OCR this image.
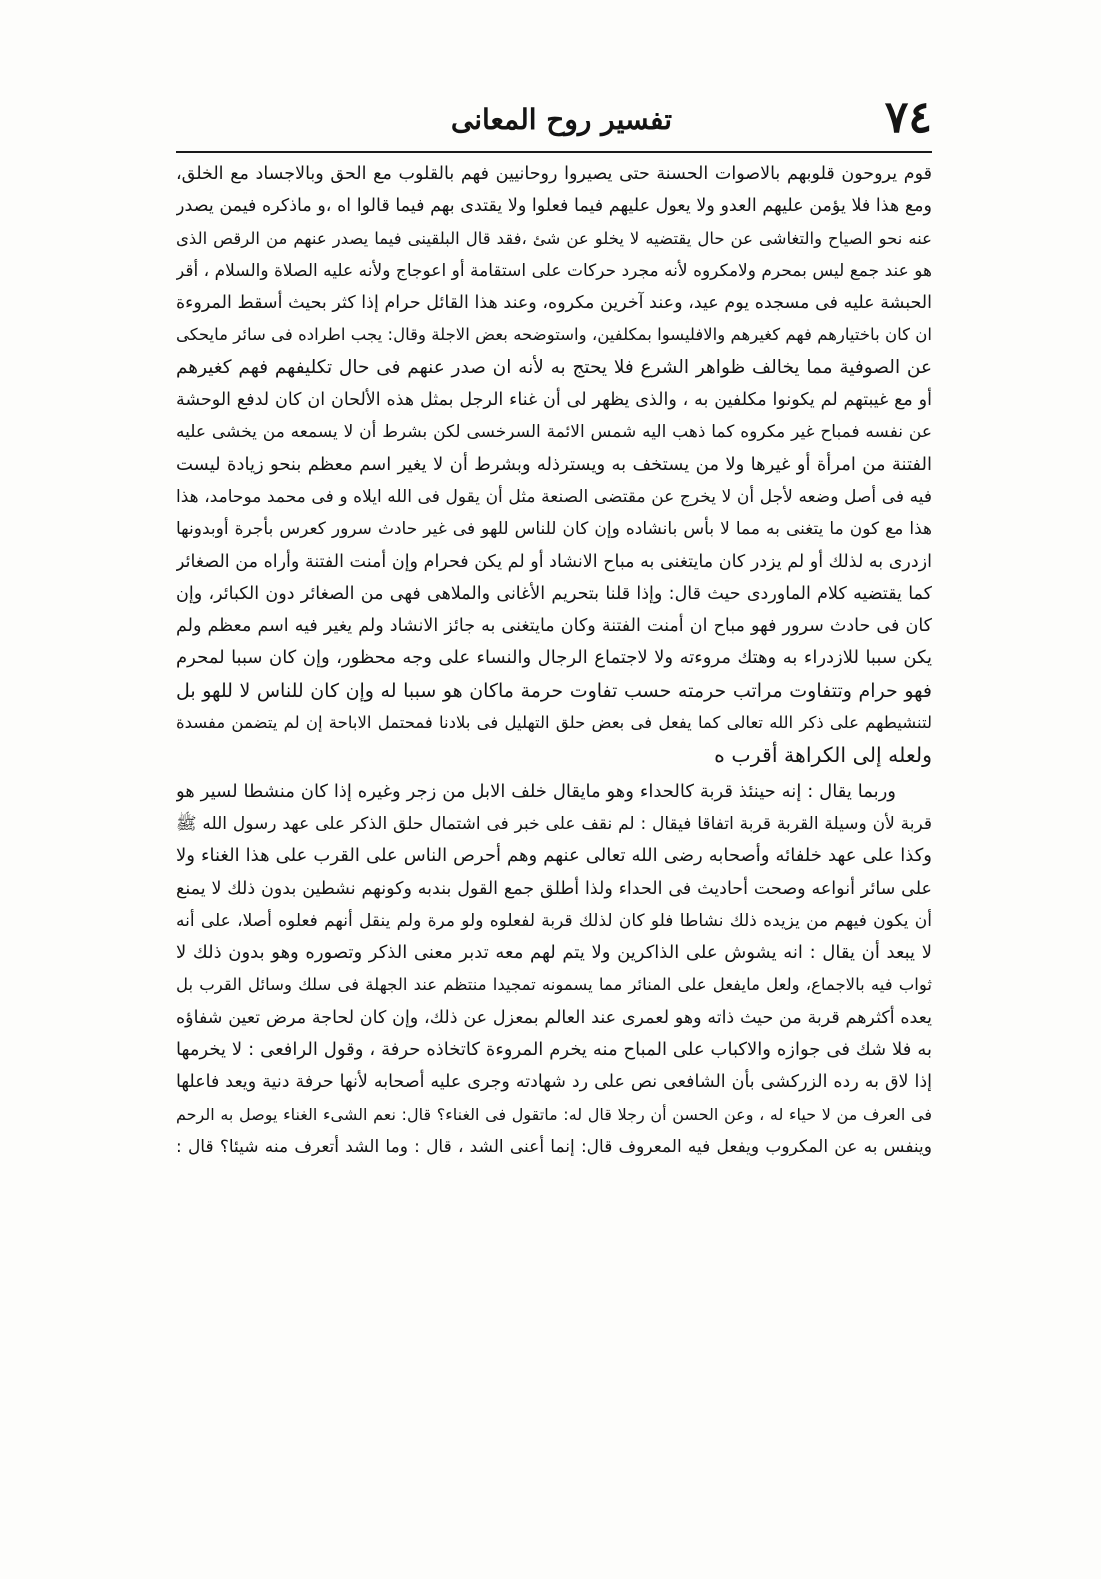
٧٤
تفسير روح المعانى
قوم يروحون قلوبهم بالاصوات الحسنة حتى يصيروا روحانيين فهم بالقلوب مع الحق وبالاجساد مع الخلق،
ومع هذا فلا يؤمن عليهم العدو ولا يعول عليهم فيما فعلوا ولا يقتدى بهم فيما قالوا اه ،و ماذكره فيمن يصدر
عنه نحو الصياح والتغاشى عن حال يقتضيه لا يخلو عن شئ ،فقد قال البلقينى فيما يصدر عنهم من الرقص الذى
هو عند جمع ليس بمحرم ولامكروه لأنه مجرد حركات على استقامة أو اعوجاج ولأنه عليه الصلاة والسلام ، أقر
الحبشة عليه فى مسجده يوم عيد، وعند آخرين مكروه، وعند هذا القائل حرام إذا كثر بحيث أسقط المروءة
ان كان باختيارهم فهم كغيرهم والافليسوا بمكلفين، واستوضحه بعض الاجلة وقال: يجب اطراده فى سائر مايحكى
عن الصوفية مما يخالف ظواهر الشرع فلا يحتج به لأنه ان صدر عنهم فى حال تكليفهم فهم كغيرهم
أو مع غيبتهم لم يكونوا مكلفين به ، والذى يظهر لى أن غناء الرجل بمثل هذه الألحان ان كان لدفع الوحشة
عن نفسه فمباح غير مكروه كما ذهب اليه شمس الائمة السرخسى لكن بشرط أن لا يسمعه من يخشى عليه
الفتنة من امرأة أو غيرها ولا من يستخف به ويسترذله وبشرط أن لا يغير اسم معظم بنحو زيادة ليست
فيه فى أصل وضعه لأجل أن لا يخرج عن مقتضى الصنعة مثل أن يقول فى الله ايلاه و فى محمد موحامد، هذا
هذا مع كون ما يتغنى به مما لا بأس بانشاده وإن كان للناس للهو فى غير حادث سرور كعرس بأجرة أوبدونها
ازدرى به لذلك أو لم يزدر كان مايتغنى به مباح الانشاد أو لم يكن فحرام وإن أمنت الفتنة وأراه من الصغائر
كما يقتضيه كلام الماوردى حيث قال: وإذا قلنا بتحريم الأغانى والملاهى فهى من الصغائر دون الكبائر، وإن
كان فى حادث سرور فهو مباح ان أمنت الفتنة وكان مايتغنى به جائز الانشاد ولم يغير فيه اسم معظم ولم
يكن سببا للازدراء به وهتك مروءته ولا لاجتماع الرجال والنساء على وجه محظور، وإن كان سببا لمحرم
فهو حرام وتتفاوت مراتب حرمته حسب تفاوت حرمة ماكان هو سببا له وإن كان للناس لا للهو بل
لتنشيطهم على ذكر الله تعالى كما يفعل فى بعض حلق التهليل فى بلادنا فمحتمل الاباحة إن لم يتضمن مفسدة
ولعله إلى الكراهة أقرب ه
وربما يقال : إنه حينئذ قربة كالحداء وهو مايقال خلف الابل من زجر وغيره إذا كان منشطا لسير هو
قربة لأن وسيلة القربة قربة اتفاقا فيقال : لم نقف على خبر فى اشتمال حلق الذكر على عهد رسول الله ﷺ
وكذا على عهد خلفائه وأصحابه رضى الله تعالى عنهم وهم أحرص الناس على القرب على هذا الغناء ولا
على سائر أنواعه وصحت أحاديث فى الحداء ولذا أطلق جمع القول بندبه وكونهم نشطين بدون ذلك لا يمنع
أن يكون فيهم من يزيده ذلك نشاطا فلو كان لذلك قربة لفعلوه ولو مرة ولم ينقل أنهم فعلوه أصلا، على أنه
لا يبعد أن يقال : انه يشوش على الذاكرين ولا يتم لهم معه تدبر معنى الذكر وتصوره وهو بدون ذلك لا
ثواب فيه بالاجماع، ولعل مايفعل على المنائر مما يسمونه تمجيدا منتظم عند الجهلة فى سلك وسائل القرب بل
يعده أكثرهم قربة من حيث ذاته وهو لعمرى عند العالم بمعزل عن ذلك، وإن كان لحاجة مرض تعين شفاؤه
به فلا شك فى جوازه والاكباب على المباح منه يخرم المروءة كاتخاذه حرفة ، وقول الرافعى : لا يخرمها
إذا لاق به رده الزركشى بأن الشافعى نص على رد شهادته وجرى عليه أصحابه لأنها حرفة دنية ويعد فاعلها
فى العرف من لا حياء له ، وعن الحسن أن رجلا قال له: ماتقول فى الغناء؟ قال: نعم الشىء الغناء يوصل به الرحم
وينفس به عن المكروب ويفعل فيه المعروف قال: إنما أعنى الشد ، قال : وما الشد أتعرف منه شيئا؟ قال :
